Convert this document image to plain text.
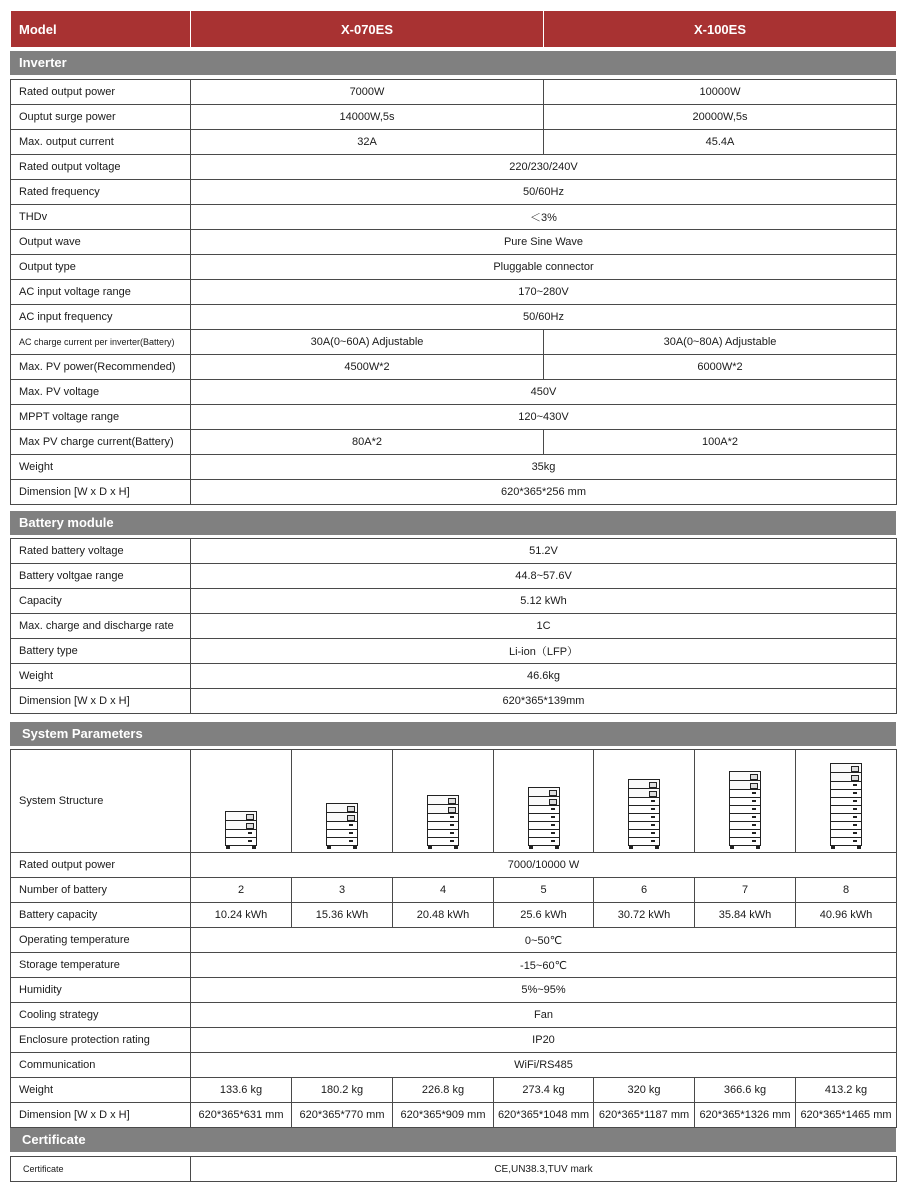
Model	X-070ES	X-100ES
Inverter
Rated output power	7000W	10000W
Ouptut surge power	14000W,5s	20000W,5s
Max. output current	32A	45.4A
Rated output voltage	220/230/240V	
Rated frequency	50/60Hz	
THDv	＜3%	
Output wave	Pure Sine Wave	
Output type	Pluggable connector	
AC input voltage range	170~280V	
AC input frequency	50/60Hz	
AC charge current per inverter(Battery)	30A(0~60A) Adjustable	30A(0~80A) Adjustable
Max. PV power(Recommended)	4500W*2	6000W*2
Max. PV voltage	450V	
MPPT voltage range	120~430V	
Max PV charge current(Battery)	80A*2	100A*2
Weight	35kg	
Dimension [W x D x H]	620*365*256 mm	
Battery module
Rated battery voltage	51.2V
Battery voltgae range	44.8~57.6V
Capacity	5.12 kWh
Max. charge and discharge rate	1C
Battery type	Li-ion（LFP）
Weight	46.6kg
Dimension [W x D x H]	620*365*139mm
System Parameters
System Structure	

Rated output power	7000/10000 W						
Number of battery	2	3	4	5	6	7	8
Battery capacity	10.24 kWh	15.36 kWh	20.48 kWh	25.6 kWh	30.72 kWh	35.84 kWh	40.96 kWh
Operating temperature	0~50℃						
Storage temperature	-15~60℃						
Humidity	5%~95%						
Cooling strategy	Fan						
Enclosure protection rating	IP20						
Communication	WiFi/RS485						
Weight	133.6 kg	180.2 kg	226.8 kg	273.4 kg	320 kg	366.6 kg	413.2 kg
Dimension [W x D x H]	620*365*631 mm	620*365*770 mm	620*365*909 mm	620*365*1048 mm	620*365*1187 mm	620*365*1326 mm	620*365*1465 mm
Certificate
Certificate	CE,UN38.3,TUV mark
